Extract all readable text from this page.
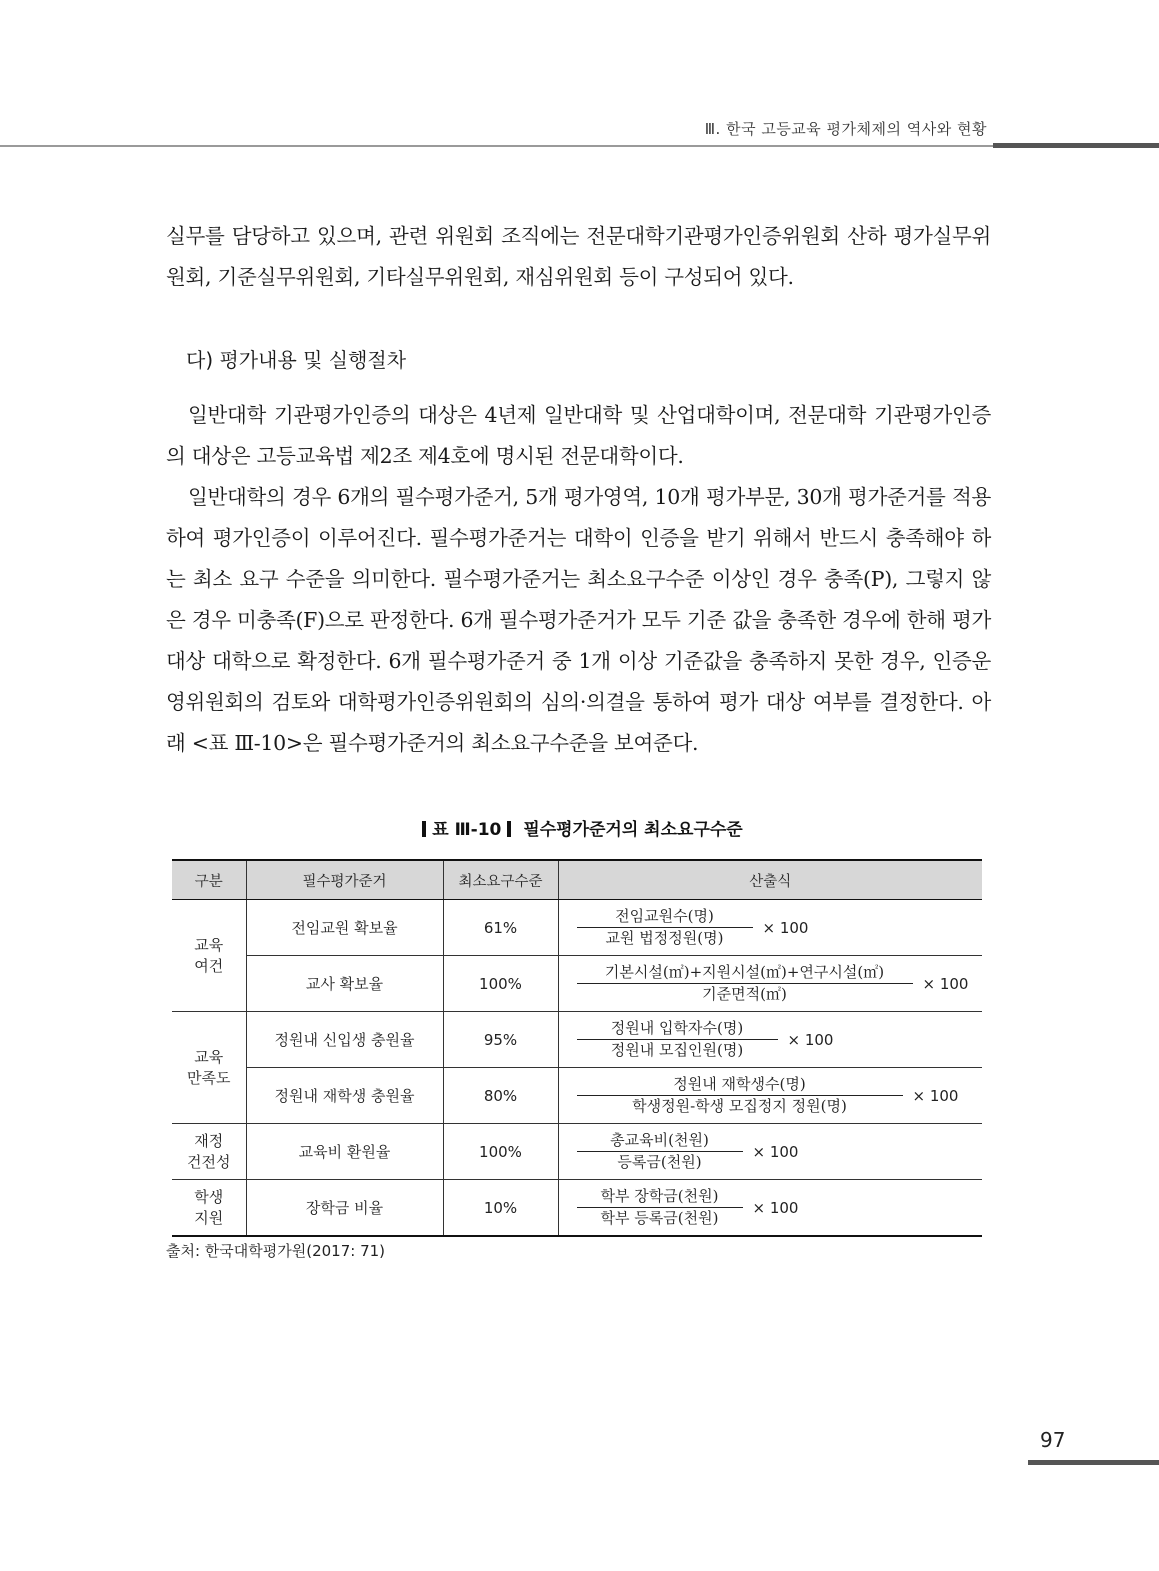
Ⅲ. 한국 고등교육 평가체제의 역사와 현황

실무를 담당하고 있으며, 관련 위원회 조직에는 전문대학기관평가인증위원회 산하 평가실무위원회, 기준실무위원회, 기타실무위원회, 재심위원회 등이 구성되어 있다.

다) 평가내용 및 실행절차

일반대학 기관평가인증의 대상은 4년제 일반대학 및 산업대학이며, 전문대학 기관평가인증의 대상은 고등교육법 제2조 제4호에 명시된 전문대학이다.

일반대학의 경우 6개의 필수평가준거, 5개 평가영역, 10개 평가부문, 30개 평가준거를 적용하여 평가인증이 이루어진다. 필수평가준거는 대학이 인증을 받기 위해서 반드시 충족해야 하는 최소 요구 수준을 의미한다. 필수평가준거는 최소요구수준 이상인 경우 충족(P), 그렇지 않은 경우 미충족(F)으로 판정한다. 6개 필수평가준거가 모두 기준 값을 충족한 경우에 한해 평가 대상 대학으로 확정한다. 6개 필수평가준거 중 1개 이상 기준값을 충족하지 못한 경우, 인증운영위원회의 검토와 대학평가인증위원회의 심의·의결을 통하여 평가 대상 여부를 결정한다. 아래 <표 Ⅲ-10>은 필수평가준거의 최소요구수준을 보여준다.

표 Ⅲ-10 필수평가준거의 최소요구수준
구분	필수평가준거	최소요구수준	산출식
교육
여건	전임교원 확보율	61%	$\frac{\text{전임교원수(명)}}{\text{교원 법정정원(명)}} \times 100$

	교사 확보율	100%	$\frac{\text{기본시설(㎡)+지원시설(㎡)+연구시설(㎡)}}{\text{기준면적(㎡)}} \times 100$

교육
만족도	정원내 신입생 충원율	95%	$\frac{\text{정원내 입학자수(명)}}{\text{정원내 모집인원(명)}} \times 100$

	정원내 재학생 충원율	80%	$\frac{\text{정원내 재학생수(명)}}{\text{학생정원-학생 모집정지 정원(명)}} \times 100$

재정
건전성	교육비 환원율	100%	$\frac{\text{총교육비(천원)}}{\text{등록금(천원)}} \times 100$

학생
지원	장학금 비율	10%	$\frac{\text{학부 장학금(천원)}}{\text{학부 등록금(천원)}} \times 100$
출처: 한국대학평가원(2017: 71)
97
